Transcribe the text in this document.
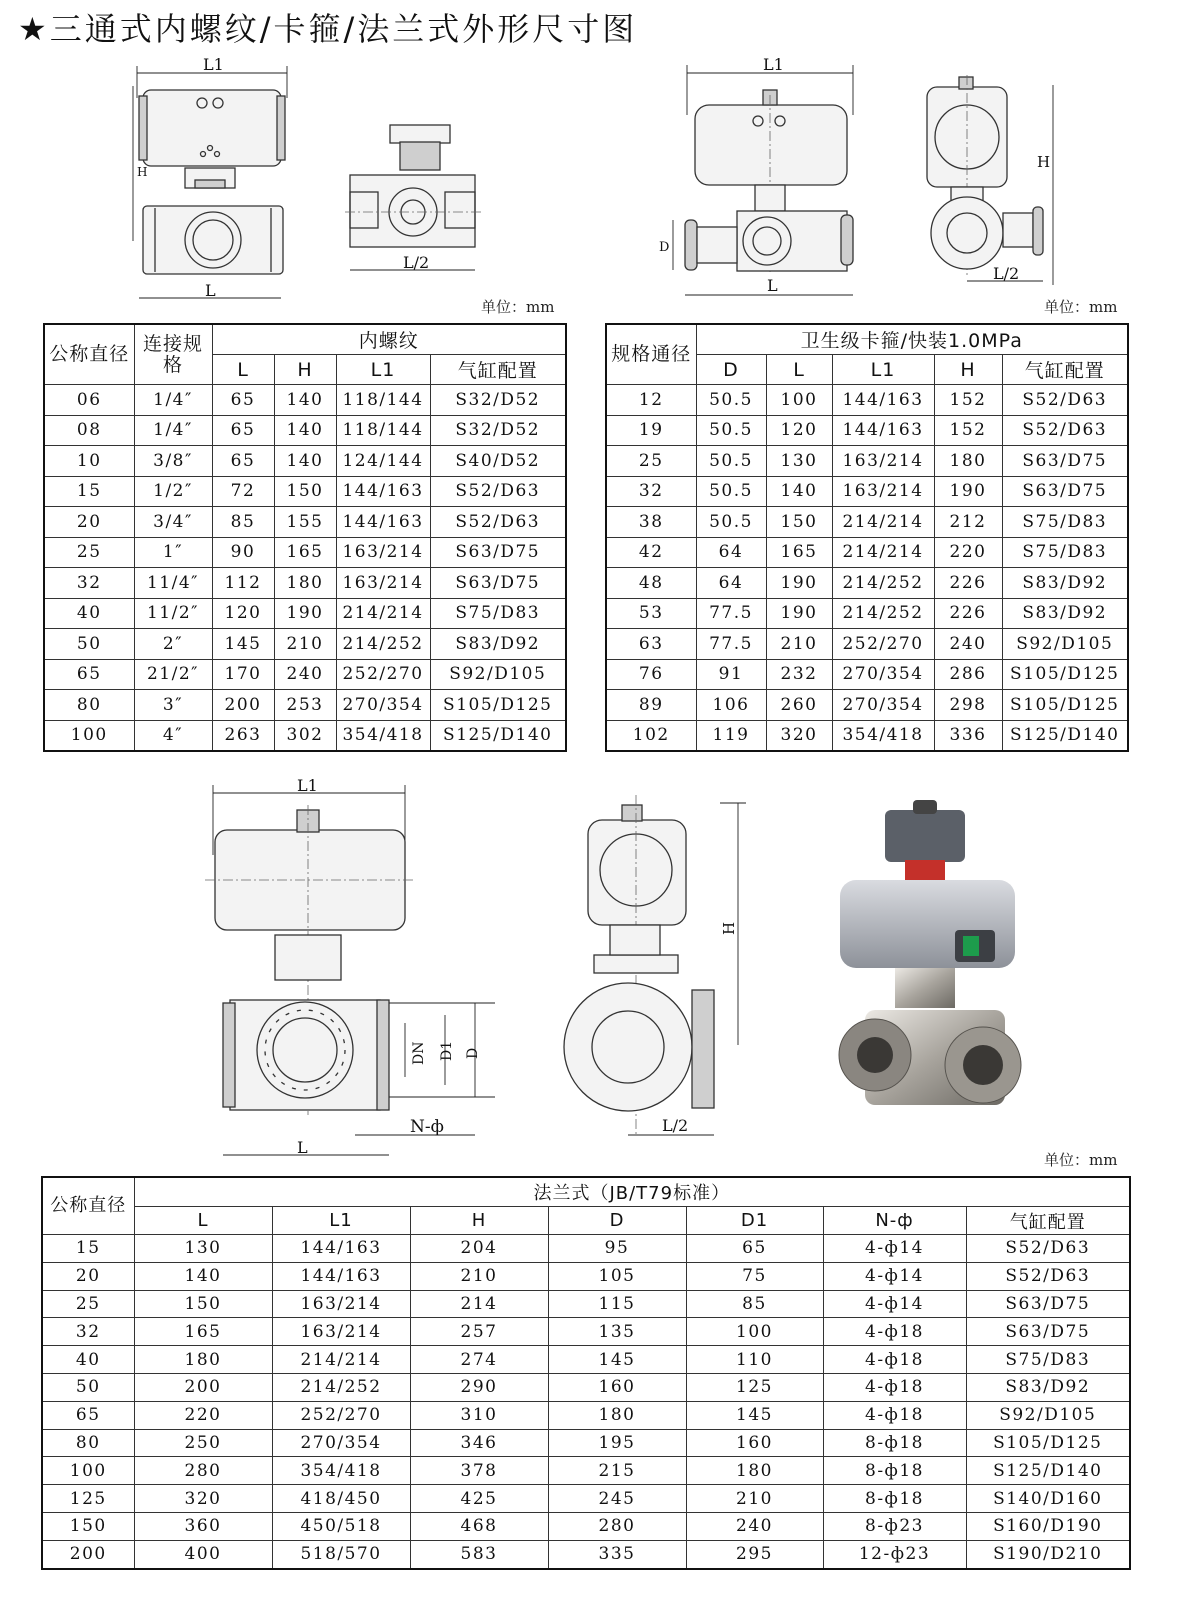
★三通式内螺纹/卡箍/法兰式外形尺寸图
L1
H
L
L/2
单位：mm
L1
D
L
H
L/2
单位：mm
公称直径	连接规格	内螺纹			
		L	H	L1	气缸配置
06	1/4″	65	140	118/144	S32/D52
08	1/4″	65	140	118/144	S32/D52
10	3/8″	65	140	124/144	S40/D52
15	1/2″	72	150	144/163	S52/D63
20	3/4″	85	155	144/163	S52/D63
25	1″	90	165	163/214	S63/D75
32	11/4″	112	180	163/214	S63/D75
40	11/2″	120	190	214/214	S75/D83
50	2″	145	210	214/252	S83/D92
65	21/2″	170	240	252/270	S92/D105
80	3″	200	253	270/354	S105/D125
100	4″	263	302	354/418	S125/D140
规格通径	卫生级卡箍/快装1.0MPa				
	D	L	L1	H	气缸配置
12	50.5	100	144/163	152	S52/D63
19	50.5	120	144/163	152	S52/D63
25	50.5	130	163/214	180	S63/D75
32	50.5	140	163/214	190	S63/D75
38	50.5	150	214/214	212	S75/D83
42	64	165	214/214	220	S75/D83
48	64	190	214/252	226	S83/D92
53	77.5	190	214/252	226	S83/D92
63	77.5	210	252/270	240	S92/D105
76	91	232	270/354	286	S105/D125
89	106	260	270/354	298	S105/D125
102	119	320	354/418	336	S125/D140
L1
DN D1 D
N-ф
L
H
L/2
单位：mm
公称直径	法兰式（JB/T79标准）						
	L	L1	H	D	D1	N-ф	气缸配置
15	130	144/163	204	95	65	4-ф14	S52/D63
20	140	144/163	210	105	75	4-ф14	S52/D63
25	150	163/214	214	115	85	4-ф14	S63/D75
32	165	163/214	257	135	100	4-ф18	S63/D75
40	180	214/214	274	145	110	4-ф18	S75/D83
50	200	214/252	290	160	125	4-ф18	S83/D92
65	220	252/270	310	180	145	4-ф18	S92/D105
80	250	270/354	346	195	160	8-ф18	S105/D125
100	280	354/418	378	215	180	8-ф18	S125/D140
125	320	418/450	425	245	210	8-ф18	S140/D160
150	360	450/518	468	280	240	8-ф23	S160/D190
200	400	518/570	583	335	295	12-ф23	S190/D210
